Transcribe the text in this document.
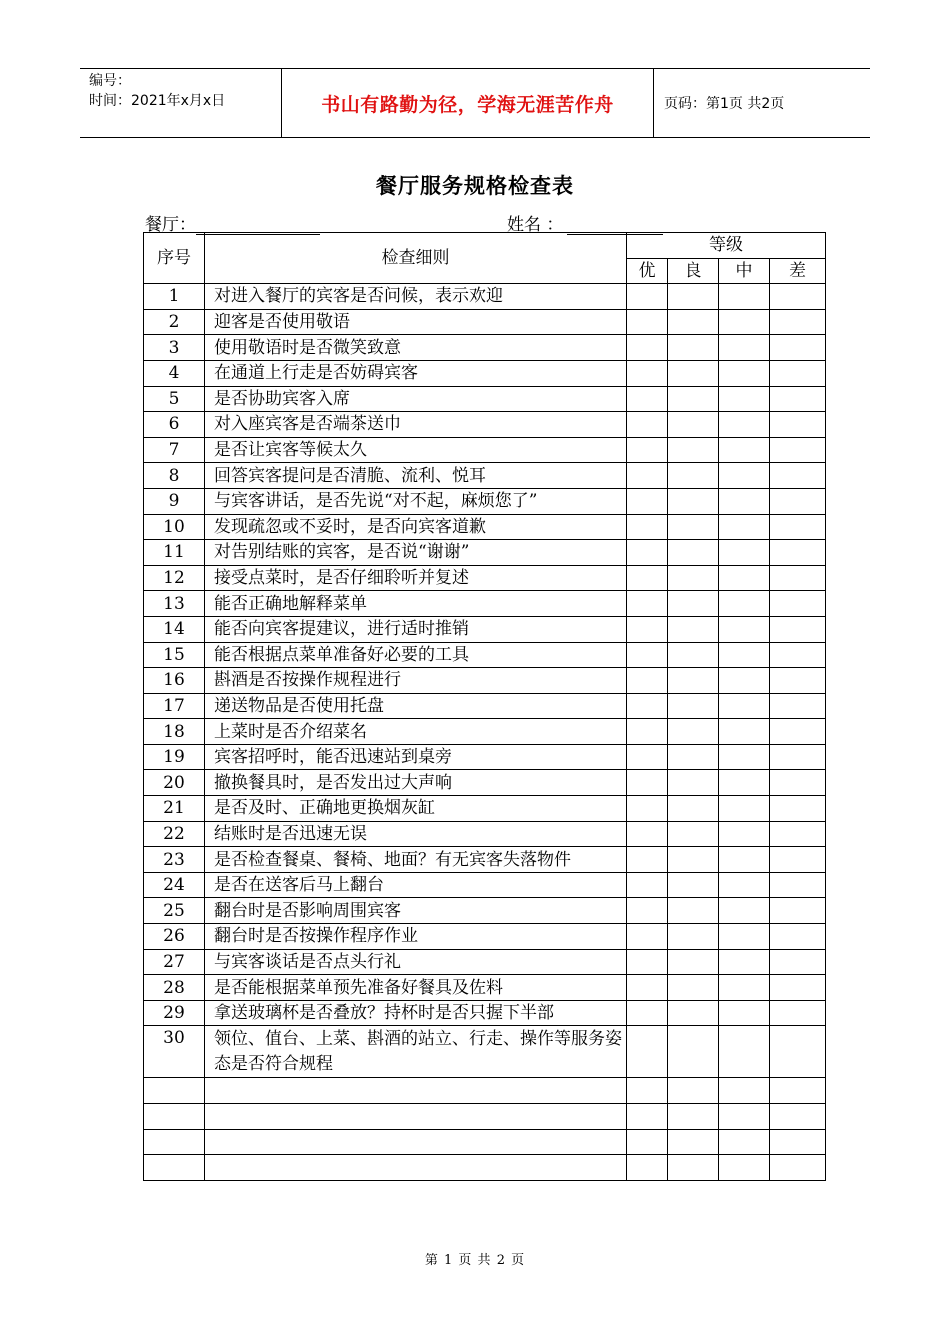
编号：
时间：2021年x月x日	书山有路勤为径，学海无涯苦作舟	页码：第1页 共2页
餐厅服务规格检查表
餐厅：	姓名 ：
序号	检查细则	等级			
		优	良	中	差
1	对进入餐厅的宾客是否问候，表示欢迎				
2	迎客是否使用敬语				
3	使用敬语时是否微笑致意				
4	在通道上行走是否妨碍宾客				
5	是否协助宾客入席				
6	对入座宾客是否端茶送巾				
7	是否让宾客等候太久				
8	回答宾客提问是否清脆、流利、悦耳				
9	与宾客讲话，是否先说“对不起，麻烦您了”				
10	发现疏忽或不妥时，是否向宾客道歉				
11	对告别结账的宾客，是否说“谢谢”				
12	接受点菜时，是否仔细聆听并复述				
13	能否正确地解释菜单				
14	能否向宾客提建议，进行适时推销				
15	能否根据点菜单准备好必要的工具				
16	斟酒是否按操作规程进行				
17	递送物品是否使用托盘				
18	上菜时是否介绍菜名				
19	宾客招呼时，能否迅速站到桌旁				
20	撤换餐具时，是否发出过大声响				
21	是否及时、正确地更换烟灰缸				
22	结账时是否迅速无误				
23	是否检查餐桌、餐椅、地面？有无宾客失落物件				
24	是否在送客后马上翻台				
25	翻台时是否影响周围宾客				
26	翻台时是否按操作程序作业				
27	与宾客谈话是否点头行礼				
28	是否能根据菜单预先准备好餐具及佐料				
29	拿送玻璃杯是否叠放？持杯时是否只握下半部				
30	领位、值台、上菜、斟酒的站立、行走、操作等服务姿态是否符合规程				

第 1 页 共 2 页
